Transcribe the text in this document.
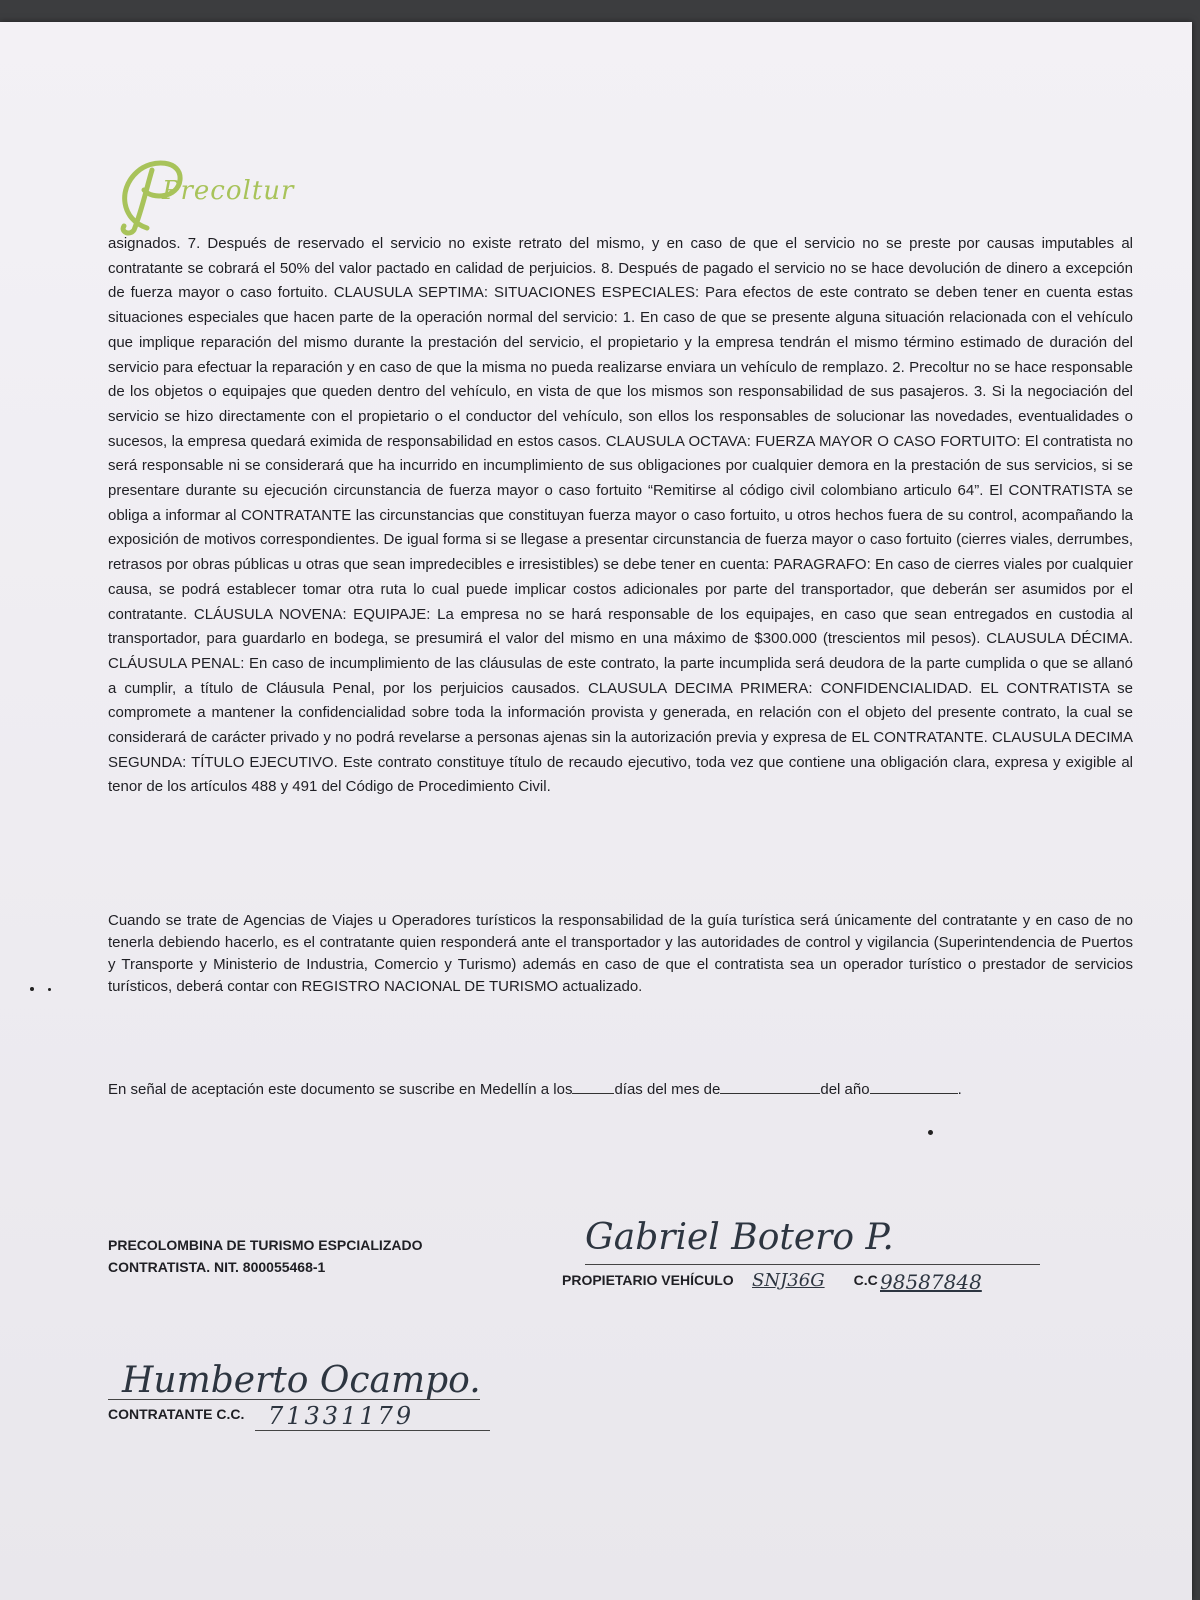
Precoltur
asignados. 7. Después de reservado el servicio no existe retrato del mismo, y en caso de que el servicio no se preste por causas imputables al contratante se cobrará el 50% del valor pactado en calidad de perjuicios. 8. Después de pagado el servicio no se hace devolución de dinero a excepción de fuerza mayor o caso fortuito. CLAUSULA SEPTIMA: SITUACIONES ESPECIALES: Para efectos de este contrato se deben tener en cuenta estas situaciones especiales que hacen parte de la operación normal del servicio: 1. En caso de que se presente alguna situación relacionada con el vehículo que implique reparación del mismo durante la prestación del servicio, el propietario y la empresa tendrán el mismo término estimado de duración del servicio para efectuar la reparación y en caso de que la misma no pueda realizarse enviara un vehículo de remplazo. 2. Precoltur no se hace responsable de los objetos o equipajes que queden dentro del vehículo, en vista de que los mismos son responsabilidad de sus pasajeros. 3. Si la negociación del servicio se hizo directamente con el propietario o el conductor del vehículo, son ellos los responsables de solucionar las novedades, eventualidades o sucesos, la empresa quedará eximida de responsabilidad en estos casos. CLAUSULA OCTAVA: FUERZA MAYOR O CASO FORTUITO: El contratista no será responsable ni se considerará que ha incurrido en incumplimiento de sus obligaciones por cualquier demora en la prestación de sus servicios, si se presentare durante su ejecución circunstancia de fuerza mayor o caso fortuito “Remitirse al código civil colombiano articulo 64”. El CONTRATISTA se obliga a informar al CONTRATANTE las circunstancias que constituyan fuerza mayor o caso fortuito, u otros hechos fuera de su control, acompañando la exposición de motivos correspondientes. De igual forma si se llegase a presentar circunstancia de fuerza mayor o caso fortuito (cierres viales, derrumbes, retrasos por obras públicas u otras que sean impredecibles e irresistibles) se debe tener en cuenta: PARAGRAFO: En caso de cierres viales por cualquier causa, se podrá establecer tomar otra ruta lo cual puede implicar costos adicionales por parte del transportador, que deberán ser asumidos por el contratante. CLÁUSULA NOVENA: EQUIPAJE: La empresa no se hará responsable de los equipajes, en caso que sean entregados en custodia al transportador, para guardarlo en bodega, se presumirá el valor del mismo en una máximo de $300.000 (trescientos mil pesos). CLAUSULA DÉCIMA. CLÁUSULA PENAL: En caso de incumplimiento de las cláusulas de este contrato, la parte incumplida será deudora de la parte cumplida o que se allanó a cumplir, a título de Cláusula Penal, por los perjuicios causados. CLAUSULA DECIMA PRIMERA: CONFIDENCIALIDAD. EL CONTRATISTA se compromete a mantener la confidencialidad sobre toda la información provista y generada, en relación con el objeto del presente contrato, la cual se considerará de carácter privado y no podrá revelarse a personas ajenas sin la autorización previa y expresa de EL CONTRATANTE. CLAUSULA DECIMA SEGUNDA: TÍTULO EJECUTIVO. Este contrato constituye título de recaudo ejecutivo, toda vez que contiene una obligación clara, expresa y exigible al tenor de los artículos 488 y 491 del Código de Procedimiento Civil.
Cuando se trate de Agencias de Viajes u Operadores turísticos la responsabilidad de la guía turística será únicamente del contratante y en caso de no tenerla debiendo hacerlo, es el contratante quien responderá ante el transportador y las autoridades de control y vigilancia (Superintendencia de Puertos y Transporte y Ministerio de Industria, Comercio y Turismo) además en caso de que el contratista sea un operador turístico o prestador de servicios turísticos, deberá contar con REGISTRO NACIONAL DE TURISMO actualizado.
En señal de aceptación este documento se suscribe en Medellín a los	días del mes de	del año	.
PRECOLOMBINA DE TURISMO ESPCIALIZADO
CONTRATISTA. NIT. 800055468-1
Gabriel Botero P.
PROPIETARIO VEHÍCULO	C.C
SNJ36G	98587848
Humberto Ocampo.
CONTRATANTE C.C. 71331179
